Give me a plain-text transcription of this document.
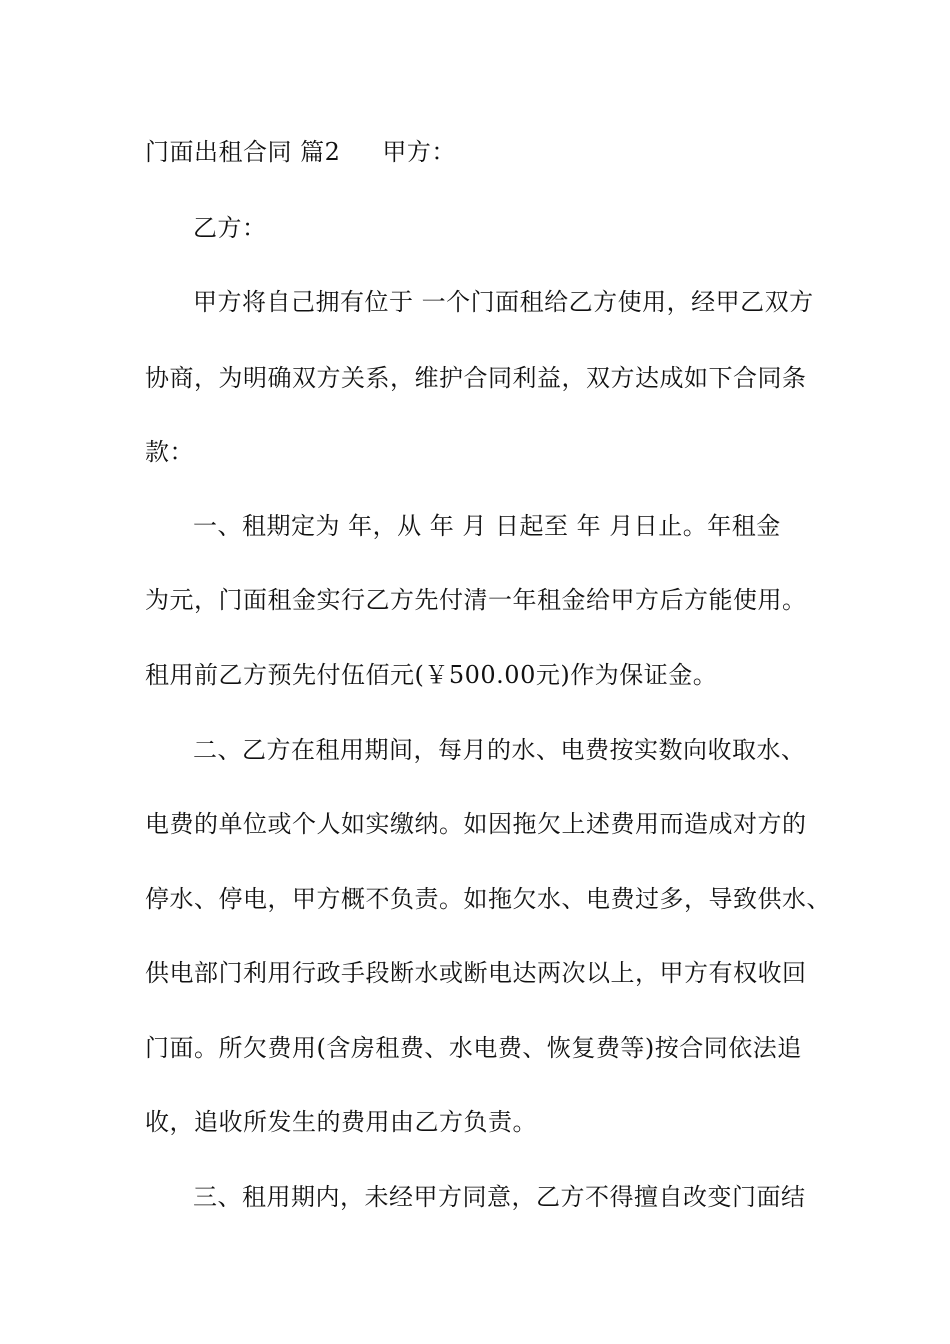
门面出租合同 篇2 甲方：
乙方：
甲方将自己拥有位于 一个门面租给乙方使用，经甲乙双方
协商，为明确双方关系，维护合同利益，双方达成如下合同条
款：
一、租期定为 年，从 年 月 日起至 年 月日止。年租金
为元，门面租金实行乙方先付清一年租金给甲方后方能使用。
租用前乙方预先付伍佰元(￥500.00元)作为保证金。
二、乙方在租用期间，每月的水、电费按实数向收取水、
电费的单位或个人如实缴纳。如因拖欠上述费用而造成对方的
停水、停电，甲方概不负责。如拖欠水、电费过多，导致供水、
供电部门利用行政手段断水或断电达两次以上，甲方有权收回
门面。所欠费用(含房租费、水电费、恢复费等)按合同依法追
收，追收所发生的费用由乙方负责。
三、租用期内，未经甲方同意，乙方不得擅自改变门面结
